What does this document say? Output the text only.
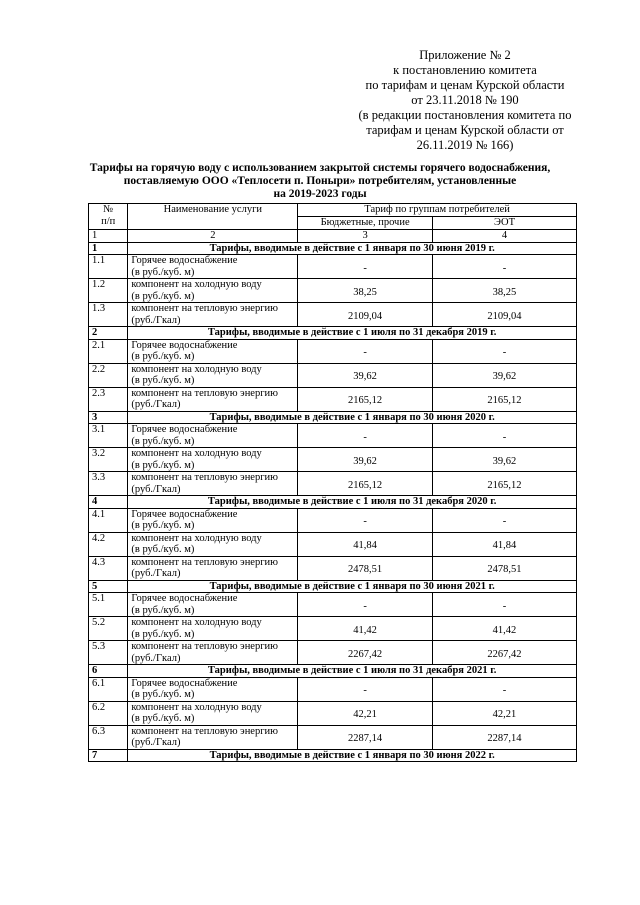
Приложение № 2
к постановлению комитета
по тарифам и ценам Курской области
от 23.11.2018 № 190
(в редакции постановления комитета по
тарифам и ценам Курской области от
26.11.2019 № 166)
Тарифы на горячую воду с использованием закрытой системы горячего водоснабжения,
поставляемую ООО «Теплосети п. Поныри» потребителям, установленные
на 2019-2023 годы
№
п/п	Наименование услуги	Тариф по группам потребителей	
		Бюджетные, прочие	ЭОТ
1	2	3	4
1	Тарифы, вводимые в действие с 1 января по 30 июня 2019 г.		
1.1	Горячее водоснабжение
(в руб./куб. м)	-	-
1.2	компонент на холодную воду
(в руб./куб. м)	38,25	38,25
1.3	компонент на тепловую энергию
(руб./Гкал)	2109,04	2109,04
2	Тарифы, вводимые в действие с 1 июля по 31 декабря 2019 г.		
2.1	Горячее водоснабжение
(в руб./куб. м)	-	-
2.2	компонент на холодную воду
(в руб./куб. м)	39,62	39,62
2.3	компонент на тепловую энергию
(руб./Гкал)	2165,12	2165,12
3	Тарифы, вводимые в действие с 1 января по 30 июня 2020 г.		
3.1	Горячее водоснабжение
(в руб./куб. м)	-	-
3.2	компонент на холодную воду
(в руб./куб. м)	39,62	39,62
3.3	компонент на тепловую энергию
(руб./Гкал)	2165,12	2165,12
4	Тарифы, вводимые в действие с 1 июля по 31 декабря 2020 г.		
4.1	Горячее водоснабжение
(в руб./куб. м)	-	-
4.2	компонент на холодную воду
(в руб./куб. м)	41,84	41,84
4.3	компонент на тепловую энергию
(руб./Гкал)	2478,51	2478,51
5	Тарифы, вводимые в действие с 1 января по 30 июня 2021 г.		
5.1	Горячее водоснабжение
(в руб./куб. м)	-	-
5.2	компонент на холодную воду
(в руб./куб. м)	41,42	41,42
5.3	компонент на тепловую энергию
(руб./Гкал)	2267,42	2267,42
6	Тарифы, вводимые в действие с 1 июля по 31 декабря 2021 г.		
6.1	Горячее водоснабжение
(в руб./куб. м)	-	-
6.2	компонент на холодную воду
(в руб./куб. м)	42,21	42,21
6.3	компонент на тепловую энергию
(руб./Гкал)	2287,14	2287,14
7	Тарифы, вводимые в действие с 1 января по 30 июня 2022 г.		
